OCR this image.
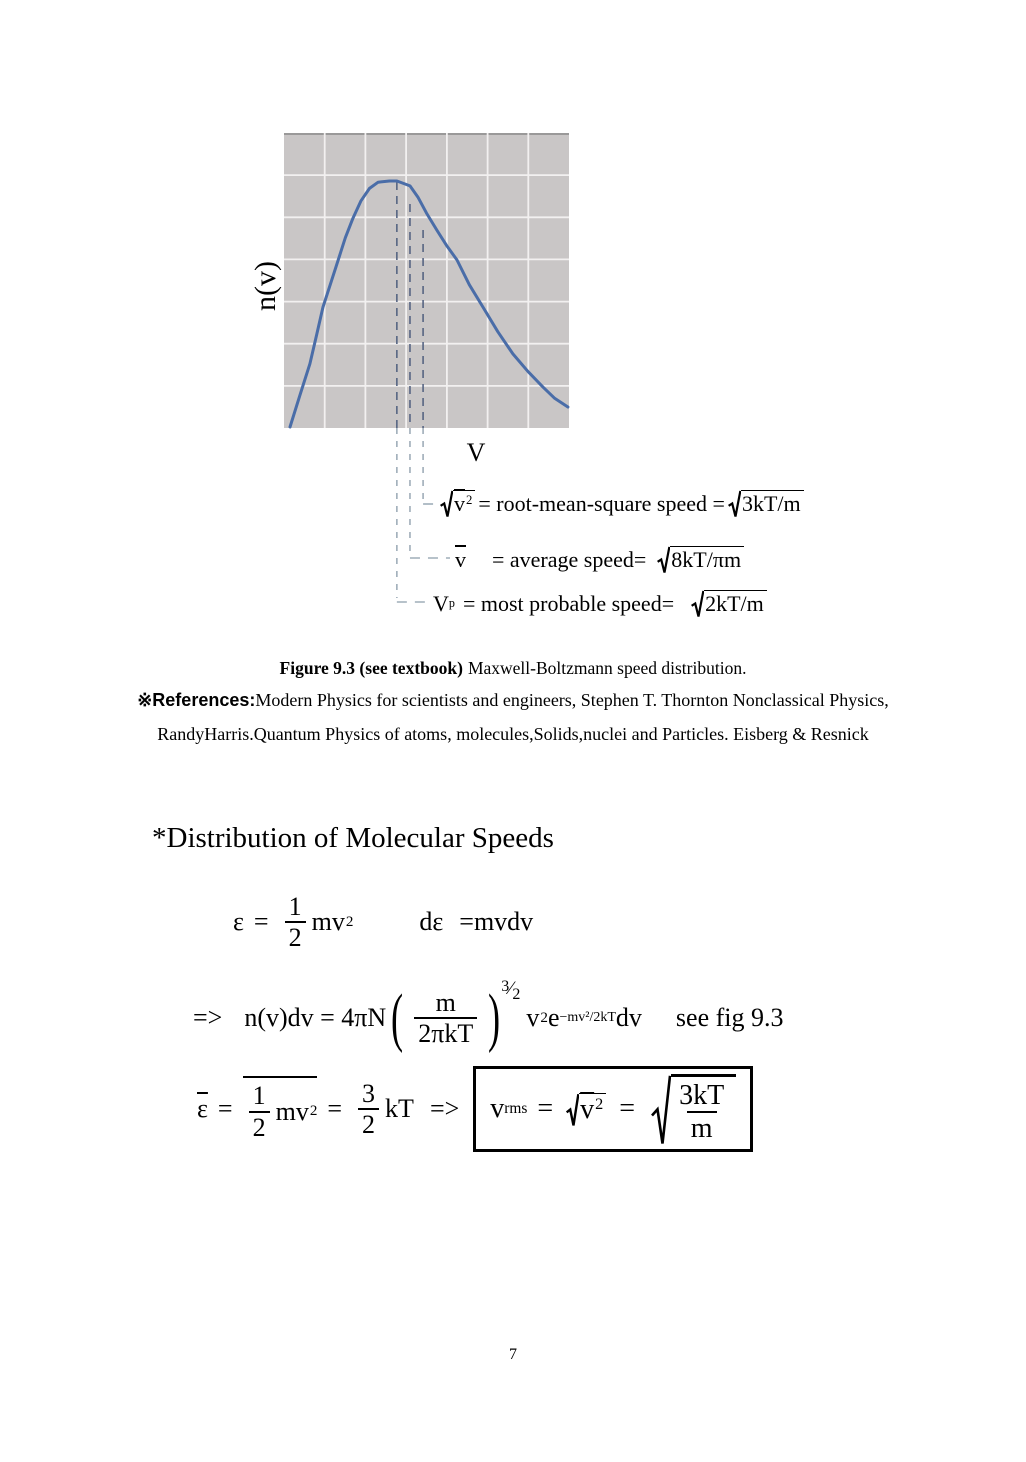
n(v)
V
$\overline{v}^2$ = root-mean-square speed = 3kT/m
$\overline{v}$ = average speed=	8kT/πm
V p = most probable speed=	2kT/m
Figure 9.3 (see textbook) Maxwell-Boltzmann speed distribution.
※References:Modern Physics for scientists and engineers, Stephen T. Thornton Nonclassical Physics,
RandyHarris.Quantum Physics of atoms, molecules,Solids,nuclei and Particles. Eisberg & Resnick
*Distribution of Molecular Speeds
$\varepsilon = \frac{1}{2}$ mv 2	dε =mvdv
=> n(v)dv = 4πN ( $\frac{m}{\text{2πkT}}$ ) 3⁄2
v 2 e −mv²/2kT dv see fig 9.3
$\overline{\varepsilon} = \frac{1}{2}$ mv $2 = \frac{3}{2}$ kT => v rms = $\overline{v}^2 = \frac{3kT}{m}$
7
